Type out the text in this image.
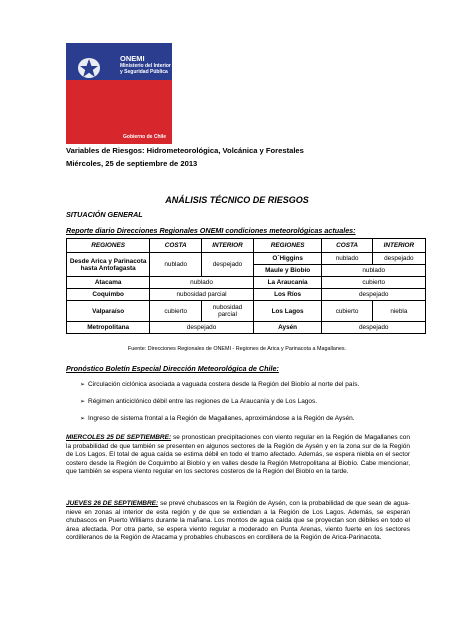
ONEMI
Ministerio del Interior
y Seguridad Pública
Gobierno de Chile
Variables de Riesgos: Hidrometeorológica, Volcánica y Forestales
Miércoles, 25 de septiembre de 2013
ANÁLISIS TÉCNICO DE RIESGOS
SITUACIÓN GENERAL
Reporte diario Direcciones Regionales ONEMI condiciones meteorológicas actuales:
REGIONES	COSTA	INTERIOR	REGIONES	COSTA	INTERIOR
Desde Arica y Parinacota hasta Antofagasta	nublado	despejado	O´Higgins	nublado	despejado
			Maule y Biobío	nublado	
Atacama	nublado		La Araucanía	cubierto	
Coquimbo	nubosidad parcial		Los Ríos	despejado	
Valparaíso	cubierto	nubosidad parcial	Los Lagos	cubierto	niebla
Metropolitana	despejado		Aysén	despejado	
Fuente: Direcciones Regionales de ONEMI - Regiones de Arica y Parinacota a Magallanes.
Pronóstico Boletín Especial Dirección Meteorológica de Chile:
➢ Circulación ciclónica asociada a vaguada costera desde la Región del Biobío al norte del país.
➢ Régimen anticiclónico débil entre las regiones de La Araucanía y de Los Lagos.
➢ Ingreso de sistema frontal a la Región de Magallanes, aproximándose a la Región de Aysén.
MIERCOLES 25 DE SEPTIEMBRE: se pronostican precipitaciones con viento regular en la Región de Magallanes con la probabilidad de que también se presenten en algunos sectores de la Región de Aysén y en la zona sur de la Región de Los Lagos. El total de agua caída se estima débil en todo el tramo afectado. Además, se espera niebla en el sector costero desde la Región de Coquimbo al Biobío y en valles desde la Región Metropolitana al Biobío. Cabe mencionar, que también se espera viento regular en los sectores costeros de la Región del Biobío en la tarde.
JUEVES 26 DE SEPTIEMBRE: se prevé chubascos en la Región de Aysén, con la probabilidad de que sean de agua-nieve en zonas al interior de esta región y de que se extiendan a la Región de Los Lagos. Además, se esperan chubascos en Puerto Williams durante la mañana. Los montos de agua caída que se proyectan son débiles en todo el área afectada. Por otra parte, se espera viento regular a moderado en Punta Arenas, viento fuerte en los sectores cordilleranos de la Región de Atacama y probables chubascos en cordillera de la Región de Arica-Parinacota.
